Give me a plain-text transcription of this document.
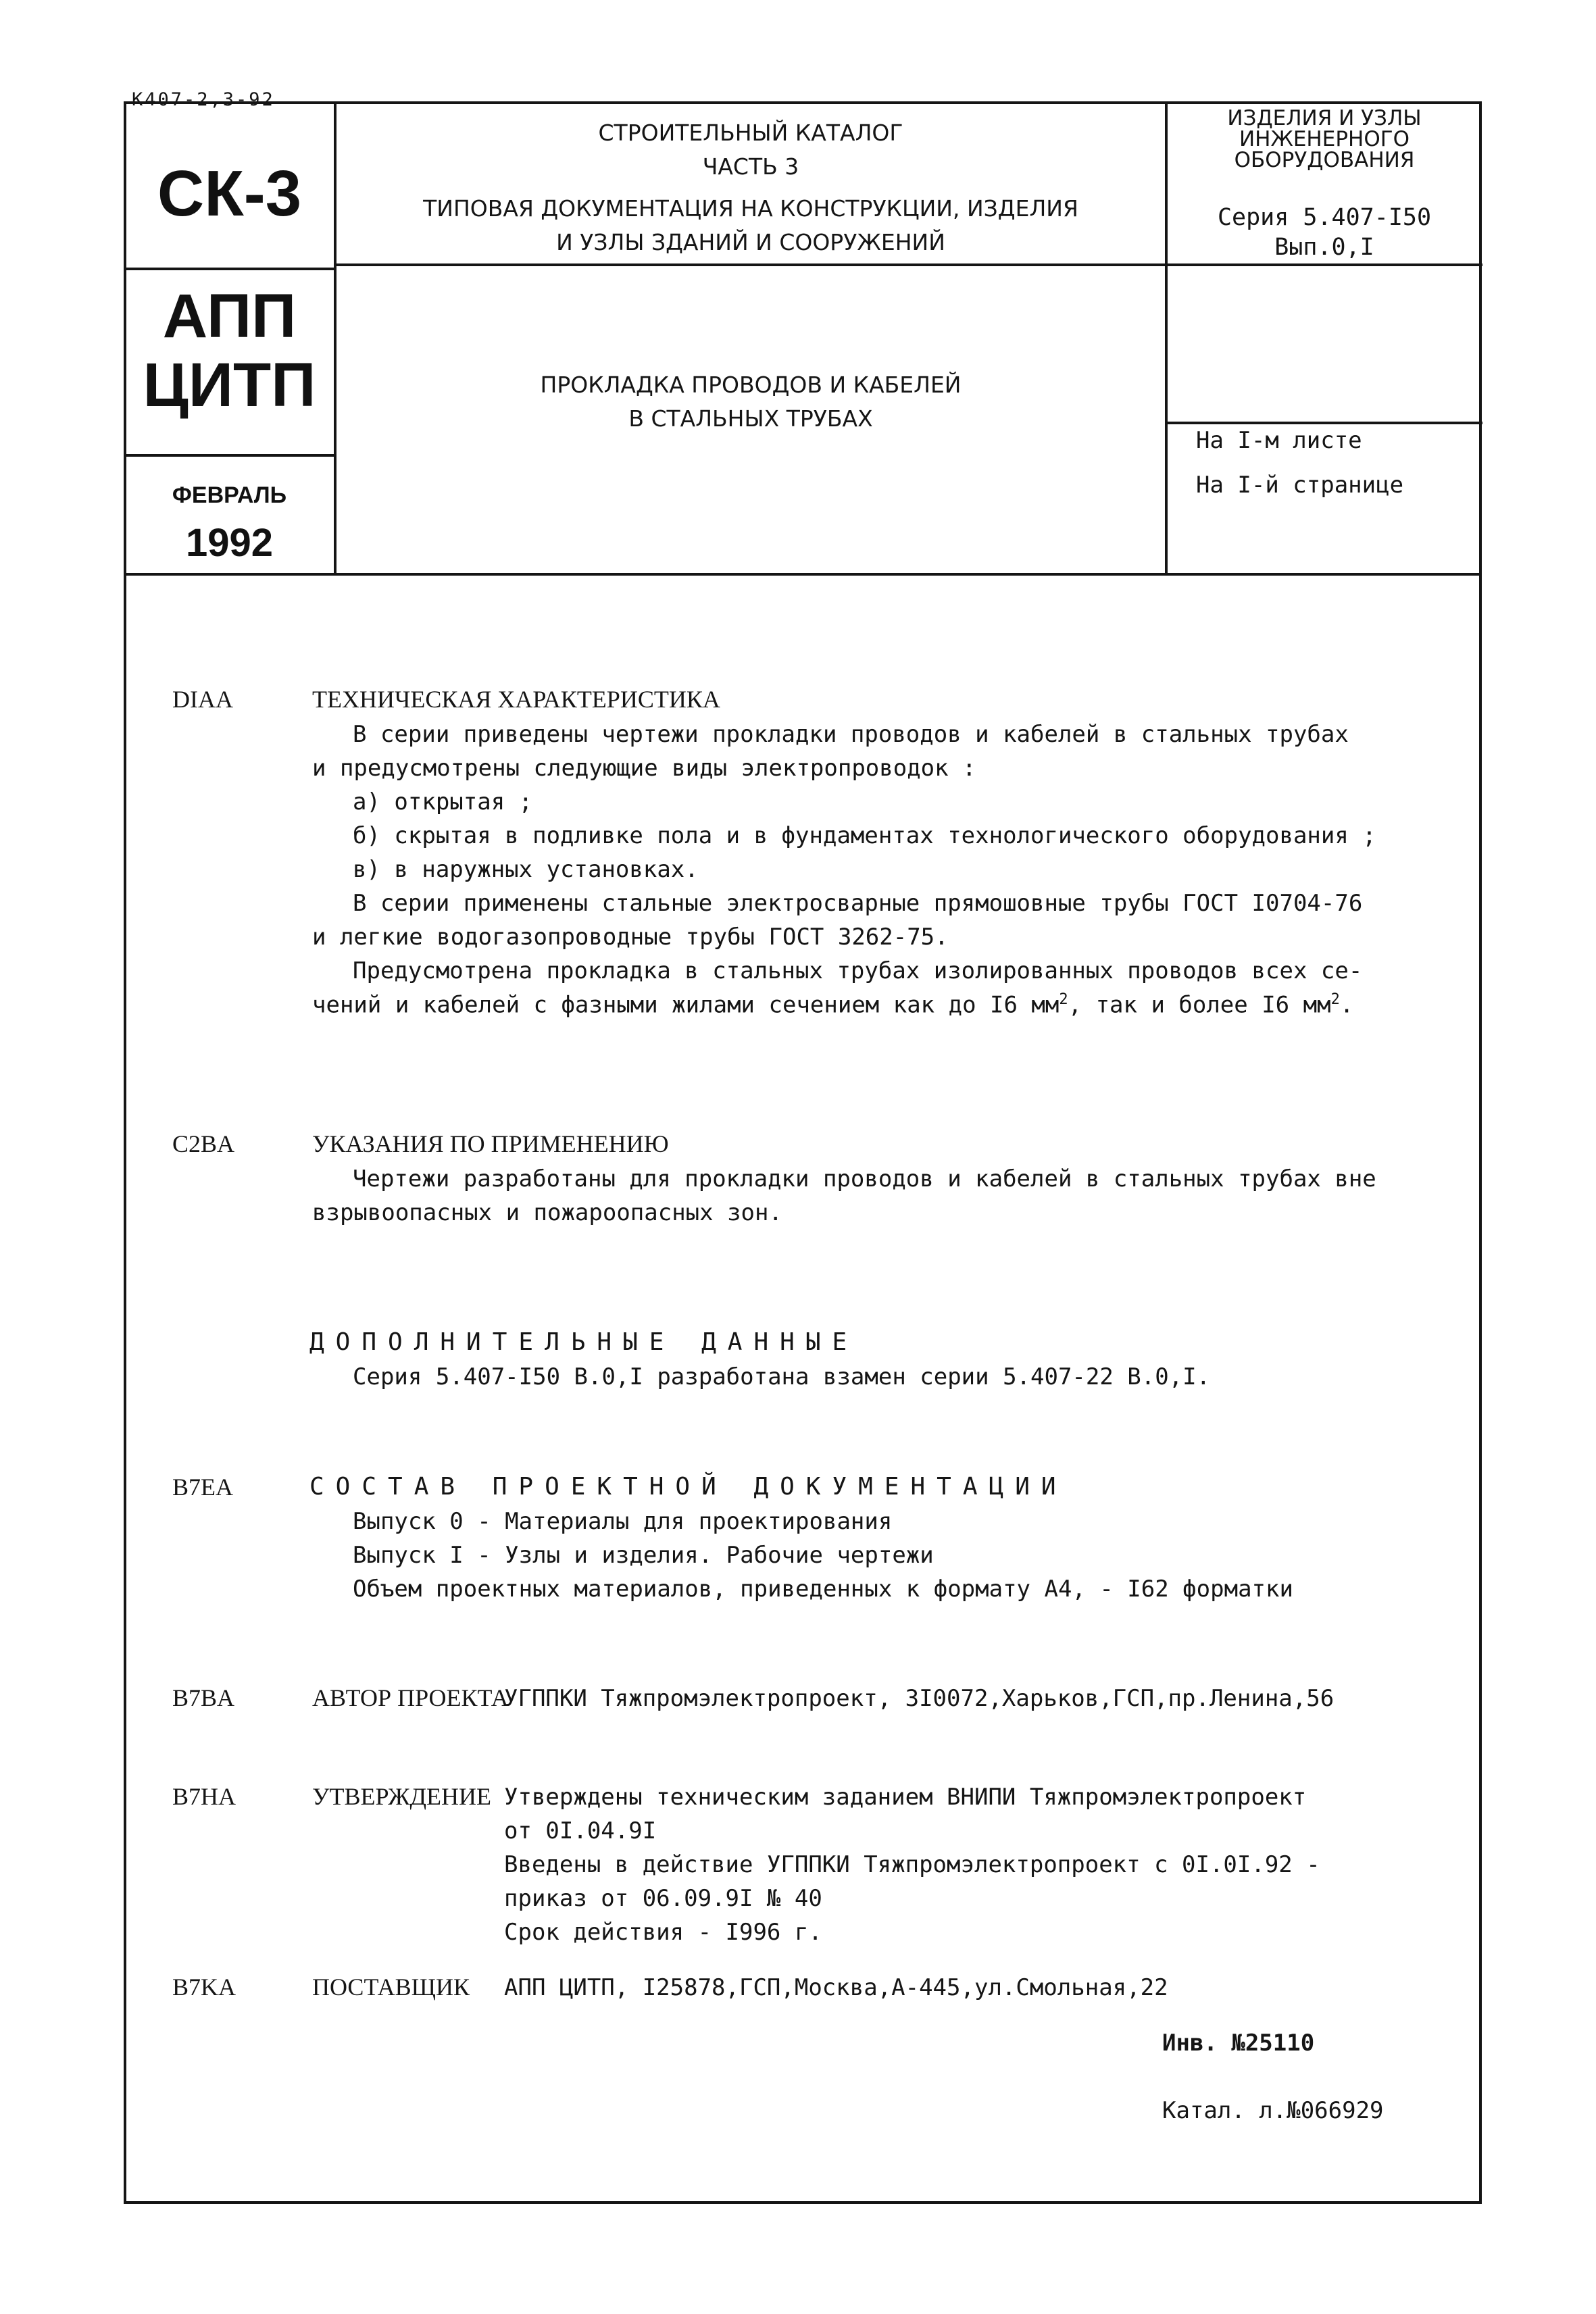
К407-2,3-92
СК-3
АПП
ЦИТП
ФЕВРАЛЬ
1992
СТРОИТЕЛЬНЫЙ КАТАЛОГ
ЧАСТЬ 3
ТИПОВАЯ ДОКУМЕНТАЦИЯ НА КОНСТРУКЦИИ, ИЗДЕЛИЯ
И УЗЛЫ ЗДАНИЙ И СООРУЖЕНИЙ
ПРОКЛАДКА ПРОВОДОВ И КАБЕЛЕЙ
В СТАЛЬНЫХ ТРУБАХ
ИЗДЕЛИЯ И УЗЛЫ
ИНЖЕНЕРНОГО
ОБОРУДОВАНИЯ
Серия 5.407-І50
Вып.0,І
На І-м листе
На І-й странице
DIAA	ТЕХНИЧЕСКАЯ ХАРАКТЕРИСТИКА
В серии приведены чертежи прокладки проводов и кабелей в стальных трубах
и предусмотрены следующие виды электропроводок :
а) открытая ;
б) скрытая в подливке пола и в фундаментах технологического оборудования ;
в) в наружных установках.
В серии применены стальные электросварные прямошовные трубы ГОСТ І0704-76
и легкие водогазопроводные трубы ГОСТ 3262-75.
Предусмотрена прокладка в стальных трубах изолированных проводов всех се-
чений и кабелей с фазными жилами сечением как до І6 $мм^2$, так и более І6 $мм^2$.
C2BA	УКАЗАНИЯ ПО ПРИМЕНЕНИЮ
Чертежи разработаны для прокладки проводов и кабелей в стальных трубах вне
взрывоопасных и пожароопасных зон.
ДОПОЛНИТЕЛЬНЫЕ ДАННЫЕ
Серия 5.407-І50 В.0,І разработана взамен серии 5.407-22 В.0,І.
B7EA	СОСТАВ ПРОЕКТНОЙ ДОКУМЕНТАЦИИ
Выпуск 0 - Материалы для проектирования
Выпуск І - Узлы и изделия. Рабочие чертежи
Объем проектных материалов, приведенных к формату А4, - І62 форматки
B7BA	АВТОР ПРОЕКТА
УГППКИ Тяжпромэлектропроект, 3І0072,Харьков,ГСП,пр.Ленина,56
B7HA	УТВЕРЖДЕНИЕ Утверждены техническим заданием ВНИПИ Тяжпромэлектропроект
от 0І.04.9І
Введены в действие УГППКИ Тяжпромэлектропроект с 0І.0І.92 -
приказ от 06.09.9І № 40
Срок действия - І996 г.
B7KA	ПОСТАВЩИК АПП ЦИТП, І25878,ГСП,Москва,А-445,ул.Смольная,22
Инв. №25110
Катал. л.№066929
